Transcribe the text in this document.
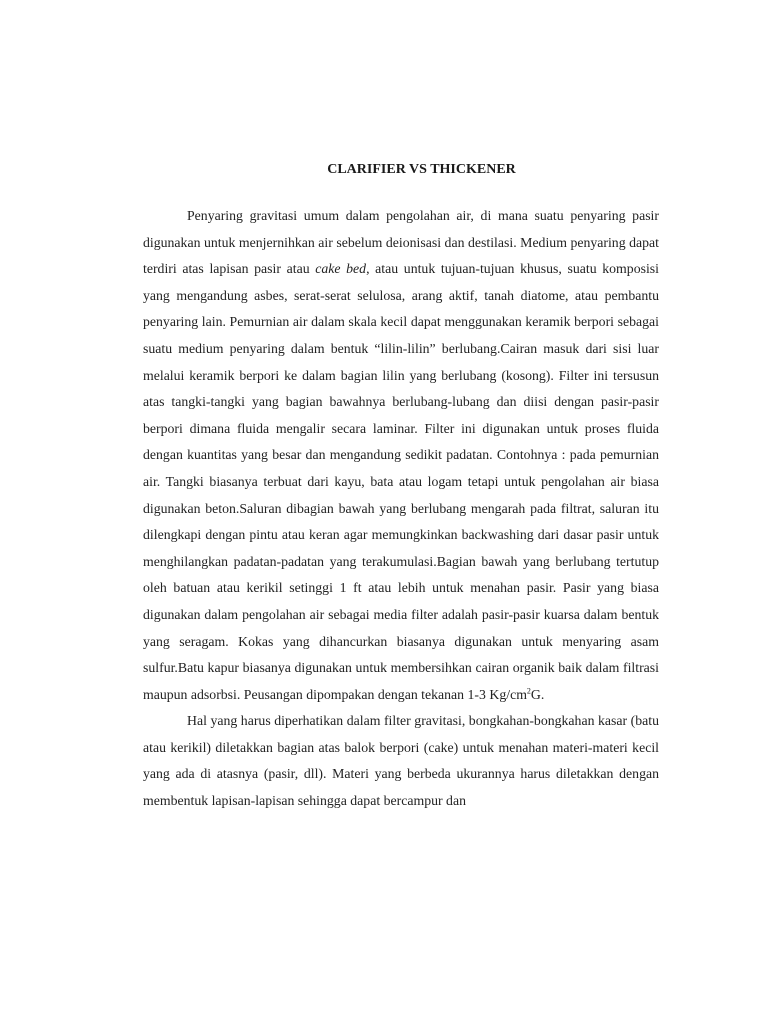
CLARIFIER VS THICKENER

Penyaring gravitasi umum dalam pengolahan air, di mana suatu penyaring pasir digunakan untuk menjernihkan air sebelum deionisasi dan destilasi. Medium penyaring dapat terdiri atas lapisan pasir atau cake bed, atau untuk tujuan-tujuan khusus, suatu komposisi yang mengandung asbes, serat-serat selulosa, arang aktif, tanah diatome, atau pembantu penyaring lain. Pemurnian air dalam skala kecil dapat menggunakan keramik berpori sebagai suatu medium penyaring dalam bentuk “lilin-lilin” berlubang.Cairan masuk dari sisi luar melalui keramik berpori ke dalam bagian lilin yang berlubang (kosong). Filter ini tersusun atas tangki-tangki yang bagian bawahnya berlubang-lubang dan diisi dengan pasir-pasir berpori dimana fluida mengalir secara laminar. Filter ini digunakan untuk proses fluida dengan kuantitas yang besar dan mengandung sedikit padatan. Contohnya : pada pemurnian air. Tangki biasanya terbuat dari kayu, bata atau logam tetapi untuk pengolahan air biasa digunakan beton.Saluran dibagian bawah yang berlubang mengarah pada filtrat, saluran itu dilengkapi dengan pintu atau keran agar memungkinkan backwashing dari dasar pasir untuk menghilangkan padatan-padatan yang terakumulasi.Bagian bawah yang berlubang tertutup oleh batuan atau kerikil setinggi 1 ft atau lebih untuk menahan pasir. Pasir yang biasa digunakan dalam pengolahan air sebagai media filter adalah pasir-pasir kuarsa dalam bentuk yang seragam. Kokas yang dihancurkan biasanya digunakan untuk menyaring asam sulfur.Batu kapur biasanya digunakan untuk membersihkan cairan organik baik dalam filtrasi maupun adsorbsi. Peusangan dipompakan dengan tekanan 1-3 $Kg/cm^2G$.

Hal yang harus diperhatikan dalam filter gravitasi, bongkahan-bongkahan kasar (batu atau kerikil) diletakkan bagian atas balok berpori (cake) untuk menahan materi-materi kecil yang ada di atasnya (pasir, dll). Materi yang berbeda ukurannya harus diletakkan dengan membentuk lapisan-lapisan sehingga dapat bercampur dan
